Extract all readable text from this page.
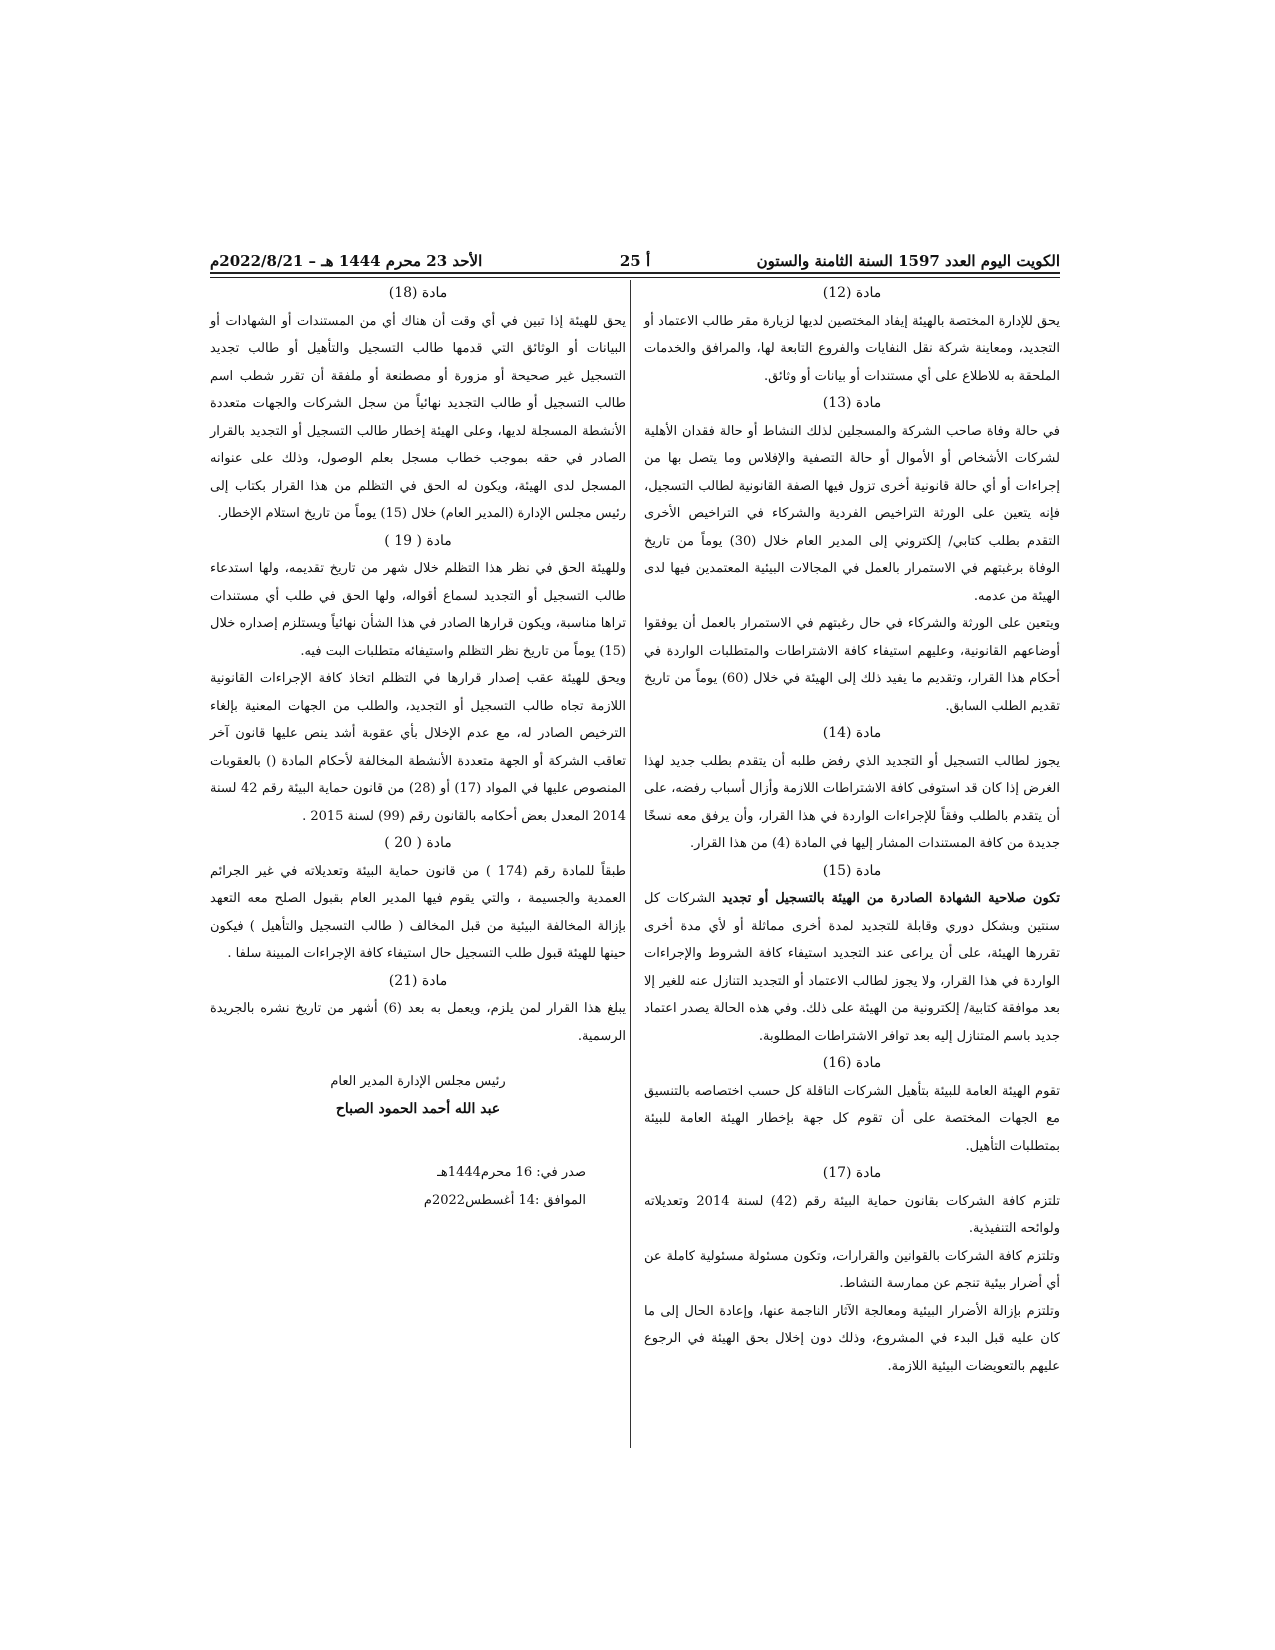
الكويت اليوم العدد 1597 السنة الثامنة والستون
أ 25
الأحد 23 محرم 1444 هـ – 2022/8/21م

مادة (12)

يحق للإدارة المختصة بالهيئة إيفاد المختصين لديها لزيارة مقر طالب الاعتماد أو التجديد، ومعاينة شركة نقل النفايات والفروع التابعة لها، والمرافق والخدمات الملحقة به للاطلاع على أي مستندات أو بيانات أو وثائق.

مادة (13)

في حالة وفاة صاحب الشركة والمسجلين لذلك النشاط أو حالة فقدان الأهلية لشركات الأشخاص أو الأموال أو حالة التصفية والإفلاس وما يتصل بها من إجراءات أو أي حالة قانونية أخرى تزول فيها الصفة القانونية لطالب التسجيل، فإنه يتعين على الورثة التراخيص الفردية والشركاء في التراخيص الأخرى التقدم بطلب كتابي/ إلكتروني إلى المدير العام خلال (30) يوماً من تاريخ الوفاة برغبتهم في الاستمرار بالعمل في المجالات البيئية المعتمدين فيها لدى الهيئة من عدمه.

ويتعين على الورثة والشركاء في حال رغبتهم في الاستمرار بالعمل أن يوفقوا أوضاعهم القانونية، وعليهم استيفاء كافة الاشتراطات والمتطلبات الواردة في أحكام هذا القرار، وتقديم ما يفيد ذلك إلى الهيئة في خلال (60) يوماً من تاريخ تقديم الطلب السابق.

مادة (14)

يجوز لطالب التسجيل أو التجديد الذي رفض طلبه أن يتقدم بطلب جديد لهذا الغرض إذا كان قد استوفى كافة الاشتراطات اللازمة وأزال أسباب رفضه، على أن يتقدم بالطلب وفقاً للإجراءات الواردة في هذا القرار، وأن يرفق معه نسخًا جديدة من كافة المستندات المشار إليها في المادة (4) من هذا القرار.

مادة (15)

تكون صلاحية الشهادة الصادرة من الهيئة بالتسجيل أو تجديد الشركات كل سنتين وبشكل دوري وقابلة للتجديد لمدة أخرى مماثلة أو لأي مدة أخرى تقررها الهيئة، على أن يراعى عند التجديد استيفاء كافة الشروط والإجراءات الواردة في هذا القرار، ولا يجوز لطالب الاعتماد أو التجديد التنازل عنه للغير إلا بعد موافقة كتابية/ إلكترونية من الهيئة على ذلك. وفي هذه الحالة يصدر اعتماد جديد باسم المتنازل إليه بعد توافر الاشتراطات المطلوبة.

مادة (16)

تقوم الهيئة العامة للبيئة بتأهيل الشركات الناقلة كل حسب اختصاصه بالتنسيق مع الجهات المختصة على أن تقوم كل جهة بإخطار الهيئة العامة للبيئة بمتطلبات التأهيل.

مادة (17)

تلتزم كافة الشركات بقانون حماية البيئة رقم (42) لسنة 2014 وتعديلاته ولوائحه التنفيذية.

وتلتزم كافة الشركات بالقوانين والقرارات، وتكون مسئولة مسئولية كاملة عن أي أضرار بيئية تنجم عن ممارسة النشاط.

وتلتزم بإزالة الأضرار البيئية ومعالجة الآثار الناجمة عنها، وإعادة الحال إلى ما كان عليه قبل البدء في المشروع، وذلك دون إخلال بحق الهيئة في الرجوع عليهم بالتعويضات البيئية اللازمة.

مادة (18)

يحق للهيئة إذا تبين في أي وقت أن هناك أي من المستندات أو الشهادات أو البيانات أو الوثائق التي قدمها طالب التسجيل والتأهيل أو طالب تجديد التسجيل غير صحيحة أو مزورة أو مصطنعة أو ملفقة أن تقرر شطب اسم طالب التسجيل أو طالب التجديد نهائياً من سجل الشركات والجهات متعددة الأنشطة المسجلة لديها، وعلى الهيئة إخطار طالب التسجيل أو التجديد بالقرار الصادر في حقه بموجب خطاب مسجل بعلم الوصول، وذلك على عنوانه المسجل لدى الهيئة، ويكون له الحق في التظلم من هذا القرار بكتاب إلى رئيس مجلس الإدارة (المدير العام) خلال (15) يوماً من تاريخ استلام الإخطار.

مادة ( 19 )

وللهيئة الحق في نظر هذا التظلم خلال شهر من تاريخ تقديمه، ولها استدعاء طالب التسجيل أو التجديد لسماع أقواله، ولها الحق في طلب أي مستندات تراها مناسبة، ويكون قرارها الصادر في هذا الشأن نهائياً ويستلزم إصداره خلال (15) يوماً من تاريخ نظر التظلم واستيفائه متطلبات البت فيه.

ويحق للهيئة عقب إصدار قرارها في التظلم اتخاذ كافة الإجراءات القانونية اللازمة تجاه طالب التسجيل أو التجديد، والطلب من الجهات المعنية بإلغاء الترخيص الصادر له، مع عدم الإخلال بأي عقوبة أشد ينص عليها قانون آخر تعاقب الشركة أو الجهة متعددة الأنشطة المخالفة لأحكام المادة () بالعقوبات المنصوص عليها في المواد (17) أو (28) من قانون حماية البيئة رقم 42 لسنة 2014 المعدل بعض أحكامه بالقانون رقم (99) لسنة 2015 .

مادة ( 20 )

طبقاً للمادة رقم (174 ) من قانون حماية البيئة وتعديلاته في غير الجرائم العمدية والجسيمة ، والتي يقوم فيها المدير العام بقبول الصلح معه التعهد بإزالة المخالفة البيئية من قبل المخالف ( طالب التسجيل والتأهيل ) فيكون حينها للهيئة قبول طلب التسجيل حال استيفاء كافة الإجراءات المبينة سلفا .

مادة (21)

يبلغ هذا القرار لمن يلزم، ويعمل به بعد (6) أشهر من تاريخ نشره بالجريدة الرسمية.

رئيس مجلس الإدارة المدير العام
عبد الله أحمد الحمود الصباح
صدر في: 16 محرم1444هـ
الموافق :14 أغسطس2022م
